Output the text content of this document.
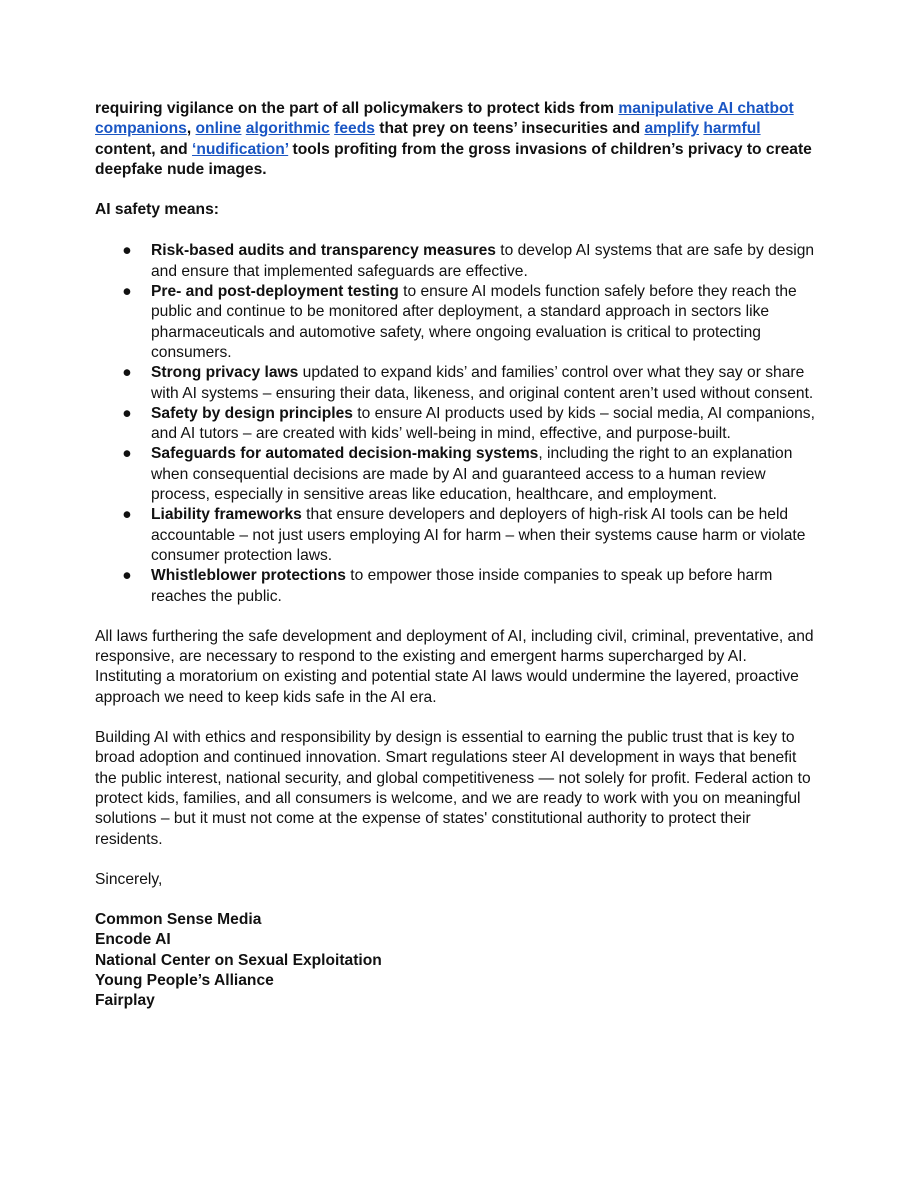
requiring vigilance on the part of all policymakers to protect kids from manipulative AI chatbot companions, online algorithmic feeds that prey on teens’ insecurities and amplify harmful content, and ‘nudification’ tools profiting from the gross invasions of children’s privacy to create deepfake nude images.

AI safety means:

● Risk-based audits and transparency measures to develop AI systems that are safe by design and ensure that implemented safeguards are effective.
● Pre- and post-deployment testing to ensure AI models function safely before they reach the public and continue to be monitored after deployment, a standard approach in sectors like pharmaceuticals and automotive safety, where ongoing evaluation is critical to protecting consumers.
● Strong privacy laws updated to expand kids’ and families’ control over what they say or share with AI systems – ensuring their data, likeness, and original content aren’t used without consent.
● Safety by design principles to ensure AI products used by kids – social media, AI companions, and AI tutors – are created with kids’ well-being in mind, effective, and purpose-built.
● Safeguards for automated decision-making systems, including the right to an explanation when consequential decisions are made by AI and guaranteed access to a human review process, especially in sensitive areas like education, healthcare, and employment.
● Liability frameworks that ensure developers and deployers of high-risk AI tools can be held accountable – not just users employing AI for harm – when their systems cause harm or violate consumer protection laws.
● Whistleblower protections to empower those inside companies to speak up before harm reaches the public.

All laws furthering the safe development and deployment of AI, including civil, criminal, preventative, and responsive, are necessary to respond to the existing and emergent harms supercharged by AI. Instituting a moratorium on existing and potential state AI laws would undermine the layered, proactive approach we need to keep kids safe in the AI era.

Building AI with ethics and responsibility by design is essential to earning the public trust that is key to broad adoption and continued innovation. Smart regulations steer AI development in ways that benefit the public interest, national security, and global competitiveness — not solely for profit. Federal action to protect kids, families, and all consumers is welcome, and we are ready to work with you on meaningful solutions – but it must not come at the expense of states' constitutional authority to protect their residents.

Sincerely,

Common Sense Media
Encode AI
National Center on Sexual Exploitation
Young People’s Alliance
Fairplay
